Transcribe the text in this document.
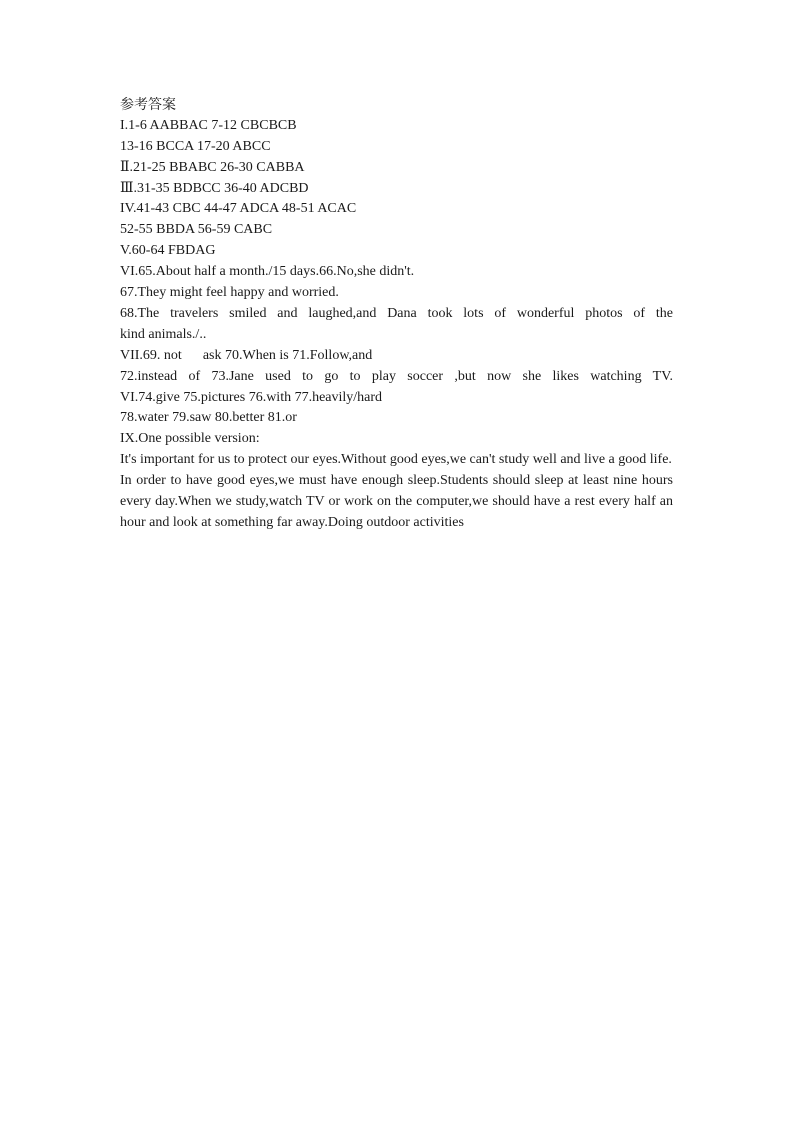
参考答案
I.1-6 AABBAC 7-12 CBCBCB
13-16 BCCA 17-20 ABCC
Ⅱ.21-25 BBABC 26-30 CABBA
Ⅲ.31-35 BDBCC 36-40 ADCBD
IV.41-43 CBC 44-47 ADCA 48-51 ACAC
52-55 BBDA 56-59 CABC
V.60-64 FBDAG
VI.65.About half a month./15 days.66.No,she didn't.
67.They might feel happy and worried.
68.The travelers smiled and laughed,and Dana took lots of wonderful photos of the
kind animals./..
VII.69. not      ask 70.When is 71.Follow,and
72.instead of 73.Jane used to go to play soccer ,but now she likes watching TV.
VI.74.give 75.pictures 76.with 77.heavily/hard
78.water 79.saw 80.better 81.or
IX.One possible version:
It's important for us to protect our eyes.Without good eyes,we can't study well and live a good life.
In order to have good eyes,we must have enough sleep.Students should sleep at least nine hours every day.When we study,watch TV or work on the computer,we should have a rest every half an hour and look at something far away.Doing outdoor activities
